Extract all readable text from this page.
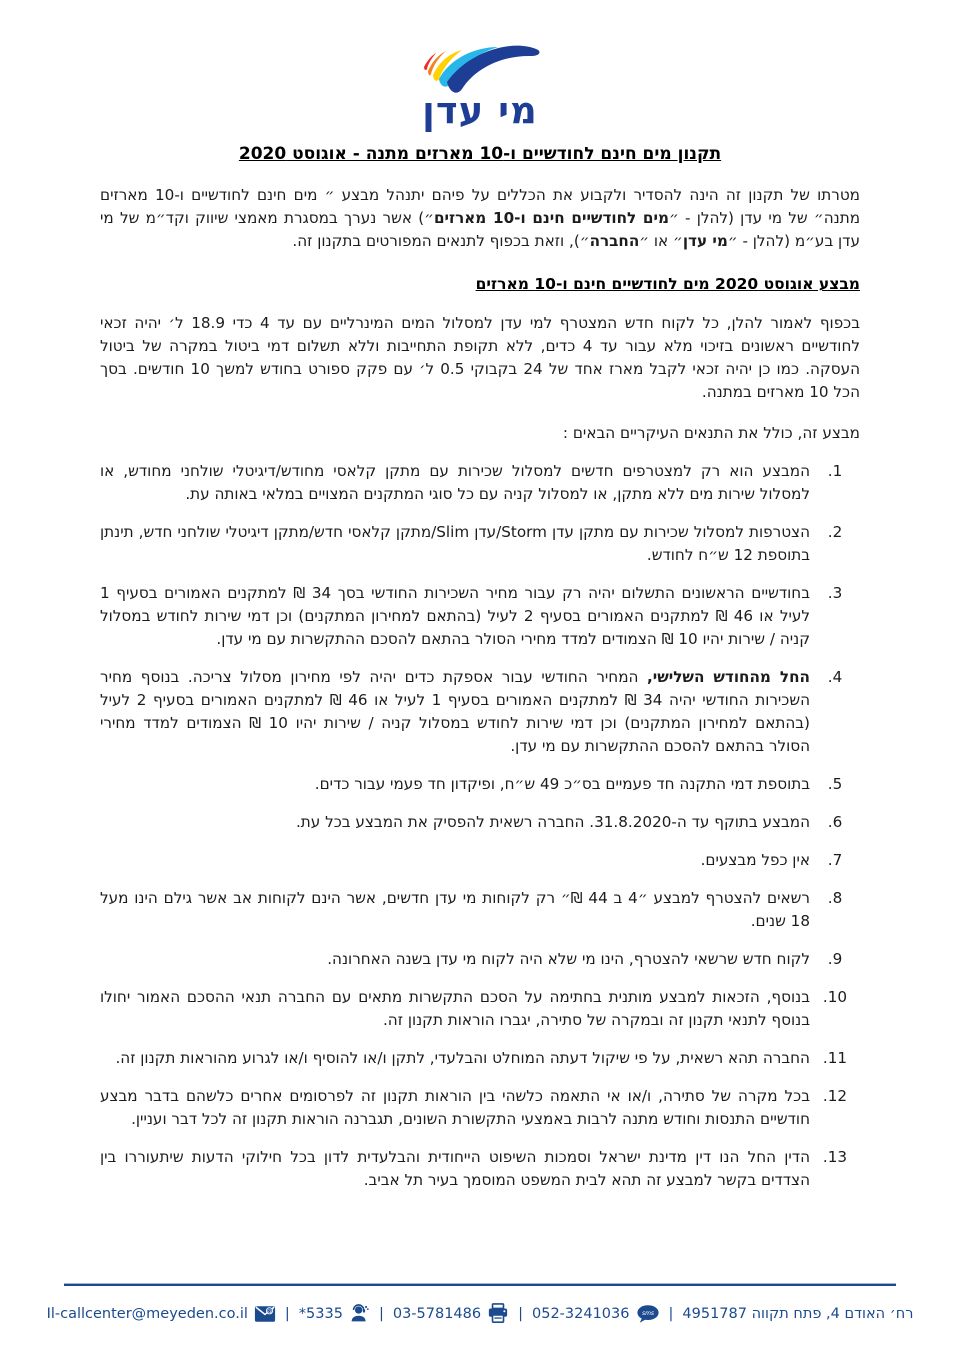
מי עדן
תקנון מים חינם לחודשיים ו-10 מארזים מתנה - אוגוסט 2020

מטרתו של תקנון זה הינה להסדיר ולקבוע את הכללים על פיהם יתנהל מבצע ״ מים חינם לחודשיים ו-10 מארזים מתנה״ של מי עדן (להלן - ״מים לחודשיים חינם ו-10 מארזים״) אשר נערך במסגרת מאמצי שיווק וקד״מ של מי עדן בע״מ (להלן - ״מי עדן״ או ״החברה״), וזאת בכפוף לתנאים המפורטים בתקנון זה.

מבצע אוגוסט 2020 מים לחודשיים חינם ו-10 מארזים

בכפוף לאמור להלן, כל לקוח חדש המצטרף למי עדן למסלול המים המינרליים עם עד 4 כדי 18.9 ל׳ יהיה זכאי לחודשיים ראשונים בזיכוי מלא עבור עד 4 כדים, ללא תקופת התחייבות וללא תשלום דמי ביטול במקרה של ביטול העסקה. כמו כן יהיה זכאי לקבל מארז אחד של 24 בקבוקי 0.5 ל׳ עם פקק ספורט בחודש למשך 10 חודשים. בסך הכל 10 מארזים במתנה.

מבצע זה, כולל את התנאים העיקריים הבאים :

1.
המבצע הוא רק למצטרפים חדשים למסלול שכירות עם מתקן קלאסי מחודש/דיגיטלי שולחני מחודש, או למסלול שירות מים ללא מתקן, או למסלול קניה עם כל סוגי המתקנים המצויים במלאי באותה עת.
2.
הצטרפות למסלול שכירות עם מתקן עדן Storm/עדן Slim/מתקן קלאסי חדש/מתקן דיגיטלי שולחני חדש, תינתן בתוספת 12 ש״ח לחודש.
3.
בחודשיים הראשונים התשלום יהיה רק עבור מחיר השכירות החודשי בסך 34 ₪ למתקנים האמורים בסעיף 1 לעיל או 46 ₪ למתקנים האמורים בסעיף 2 לעיל (בהתאם למחירון המתקנים) וכן דמי שירות לחודש במסלול קניה / שירות יהיו 10 ₪ הצמודים למדד מחירי הסולר בהתאם להסכם ההתקשרות עם מי עדן.
4.
החל מהחודש השלישי, המחיר החודשי עבור אספקת כדים יהיה לפי מחירון מסלול צריכה. בנוסף מחיר השכירות החודשי יהיה 34 ₪ למתקנים האמורים בסעיף 1 לעיל או 46 ₪ למתקנים האמורים בסעיף 2 לעיל (בהתאם למחירון המתקנים) וכן דמי שירות לחודש במסלול קניה / שירות יהיו 10 ₪ הצמודים למדד מחירי הסולר בהתאם להסכם ההתקשרות עם מי עדן.
5.
בתוספת דמי התקנה חד פעמיים בס״כ 49 ש״ח, ופיקדון חד פעמי עבור כדים.
6.
המבצע בתוקף עד ה-31.8.2020. החברה רשאית להפסיק את המבצע בכל עת.
7.
אין כפל מבצעים.
8.
רשאים להצטרף למבצע ״4 ב 44 ₪״ רק לקוחות מי עדן חדשים, אשר הינם לקוחות אב אשר גילם הינו מעל 18 שנים.
9.
לקוח חדש שרשאי להצטרף, הינו מי שלא היה לקוח מי עדן בשנה האחרונה.
10.
בנוסף, הזכאות למבצע מותנית בחתימה על הסכם התקשרות מתאים עם החברה תנאי ההסכם האמור יחולו בנוסף לתנאי תקנון זה ובמקרה של סתירה, יגברו הוראות תקנון זה.
11.
החברה תהא רשאית, על פי שיקול דעתה המוחלט והבלעדי, לתקן ו/או להוסיף ו/או לגרוע מהוראות תקנון זה.
12.
בכל מקרה של סתירה, ו/או אי התאמה כלשהי בין הוראות תקנון זה לפרסומים אחרים כלשהם בדבר מבצע חודשיים התנסות וחודש מתנה לרבות באמצעי התקשורת השונים, תגברנה הוראות תקנון זה לכל דבר ועניין.
13.
הדין החל הנו דין מדינת ישראל וסמכות השיפוט הייחודית והבלעדית לדון בכל חילוקי הדעות שיתעוררו בין הצדדים בקשר למבצע זה תהא לבית המשפט המוסמך בעיר תל אביב.
Il-callcenter@meyeden.co.il	@ | *5335 | 03-5781486	| 052-3241036 sms | רח׳ האודם 4, פתח תקווה 4951787
